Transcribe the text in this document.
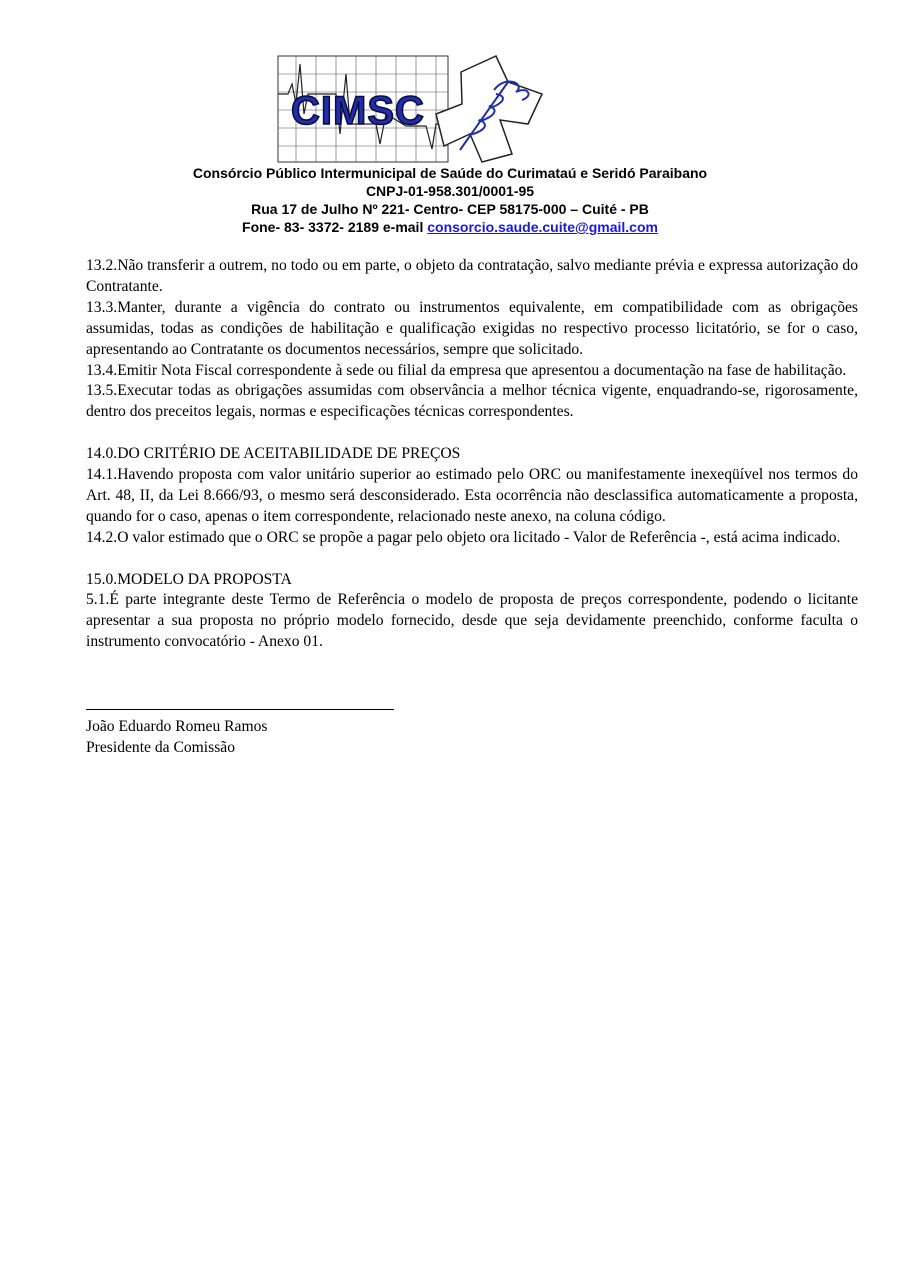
CIMSC
Consórcio Público Intermunicipal de Saúde do Curimataú e Seridó Paraibano
CNPJ-01-958.301/0001-95
Rua 17 de Julho Nº 221- Centro- CEP 58175-000 – Cuité - PB
Fone- 83- 3372- 2189 e-mail consorcio.saude.cuite@gmail.com

13.2.Não transferir a outrem, no todo ou em parte, o objeto da contratação, salvo mediante prévia e expressa autorização do Contratante.

13.3.Manter, durante a vigência do contrato ou instrumentos equivalente, em compatibilidade com as obrigações assumidas, todas as condições de habilitação e qualificação exigidas no respectivo processo licitatório, se for o caso, apresentando ao Contratante os documentos necessários, sempre que solicitado.

13.4.Emitir Nota Fiscal correspondente à sede ou filial da empresa que apresentou a documentação na fase de habilitação.

13.5.Executar todas as obrigações assumidas com observância a melhor técnica vigente, enquadrando-se, rigorosamente, dentro dos preceitos legais, normas e especificações técnicas correspondentes.

14.0.DO CRITÉRIO DE ACEITABILIDADE DE PREÇOS

14.1.Havendo proposta com valor unitário superior ao estimado pelo ORC ou manifestamente inexeqüível nos termos do Art. 48, II, da Lei 8.666/93, o mesmo será desconsiderado. Esta ocorrência não desclassifica automaticamente a proposta, quando for o caso, apenas o item correspondente, relacionado neste anexo, na coluna código.

14.2.O valor estimado que o ORC se propõe a pagar pelo objeto ora licitado - Valor de Referência -, está acima indicado.

15.0.MODELO DA PROPOSTA

5.1.É parte integrante deste Termo de Referência o modelo de proposta de preços correspondente, podendo o licitante apresentar a sua proposta no próprio modelo fornecido, desde que seja devidamente preenchido, conforme faculta o instrumento convocatório - Anexo 01.

João Eduardo Romeu Ramos

Presidente da Comissão
